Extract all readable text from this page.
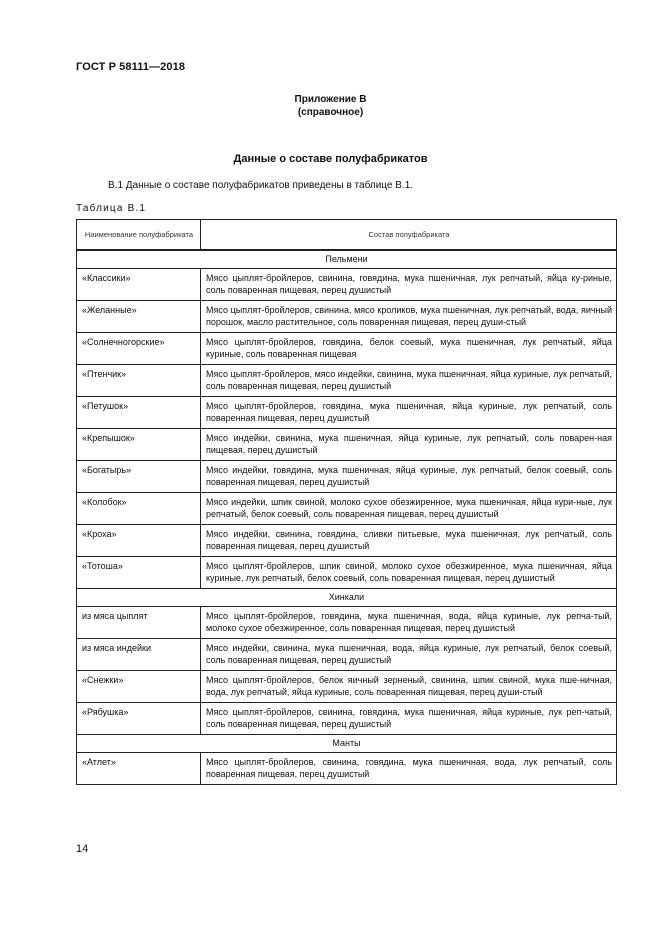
ГОСТ Р 58111—2018
Приложение В
(справочное)
Данные о составе полуфабрикатов
В.1 Данные о составе полуфабрикатов приведены в таблице В.1.
Таблица В.1
Наименование полуфабриката	Состав полуфабриката
Пельмени	
«Классики»	Мясо цыплят-бройлеров, свинина, говядина, мука пшеничная, лук репчатый, яйца ку-риные, соль поваренная пищевая, перец душистый
«Желанные»	Мясо цыплят-бройлеров, свинина, мясо кроликов, мука пшеничная, лук репчатый, вода, яичный порошок, масло растительное, соль поваренная пищевая, перец души-стый
«Солнечногорские»	Мясо цыплят-бройлеров, говядина, белок соевый, мука пшеничная, лук репчатый, яйца куриные, соль поваренная пищевая
«Птенчик»	Мясо цыплят-бройлеров, мясо индейки, свинина, мука пшеничная, яйца куриные, лук репчатый, соль поваренная пищевая, перец душистый
«Петушок»	Мясо цыплят-бройлеров, говядина, мука пшеничная, яйца куриные, лук репчатый, соль поваренная пищевая, перец душистый
«Крепышок»	Мясо индейки, свинина, мука пшеничная, яйца куриные, лук репчатый, соль поварен-ная пищевая, перец душистый
«Богатырь»	Мясо индейки, говядина, мука пшеничная, яйца куриные, лук репчатый, белок соевый, соль поваренная пищевая, перец душистый
«Колобок»	Мясо индейки, шпик свиной, молоко сухое обезжиренное, мука пшеничная, яйца кури-ные, лук репчатый, белок соевый, соль поваренная пищевая, перец душистый
«Кроха»	Мясо индейки, свинина, говядина, сливки питьевые, мука пшеничная, лук репчатый, соль поваренная пищевая, перец душистый
«Тотоша»	Мясо цыплят-бройлеров, шпик свиной, молоко сухое обезжиренное, мука пшеничная, яйца куриные, лук репчатый, белок соевый, соль поваренная пищевая, перец душистый
Хинкали	
из мяса цыплят	Мясо цыплят-бройлеров, говядина, мука пшеничная, вода, яйца куриные, лук репча-тый, молоко сухое обезжиренное, соль поваренная пищевая, перец душистый
из мяса индейки	Мясо индейки, свинина, мука пшеничная, вода, яйца куриные, лук репчатый, белок соевый, соль поваренная пищевая, перец душистый
«Снежки»	Мясо цыплят-бройлеров, белок яичный зерненый, свинина, шпик свиной, мука пше-ничная, вода, лук репчатый, яйца куриные, соль поваренная пищевая, перец души-стый
«Рябушка»	Мясо цыплят-бройлеров, свинина, говядина, мука пшеничная, яйца куриные, лук реп-чатый, соль поваренная пищевая, перец душистый
Манты	
«Атлет»	Мясо цыплят-бройлеров, свинина, говядина, мука пшеничная, вода, лук репчатый, соль поваренная пищевая, перец душистый
14
